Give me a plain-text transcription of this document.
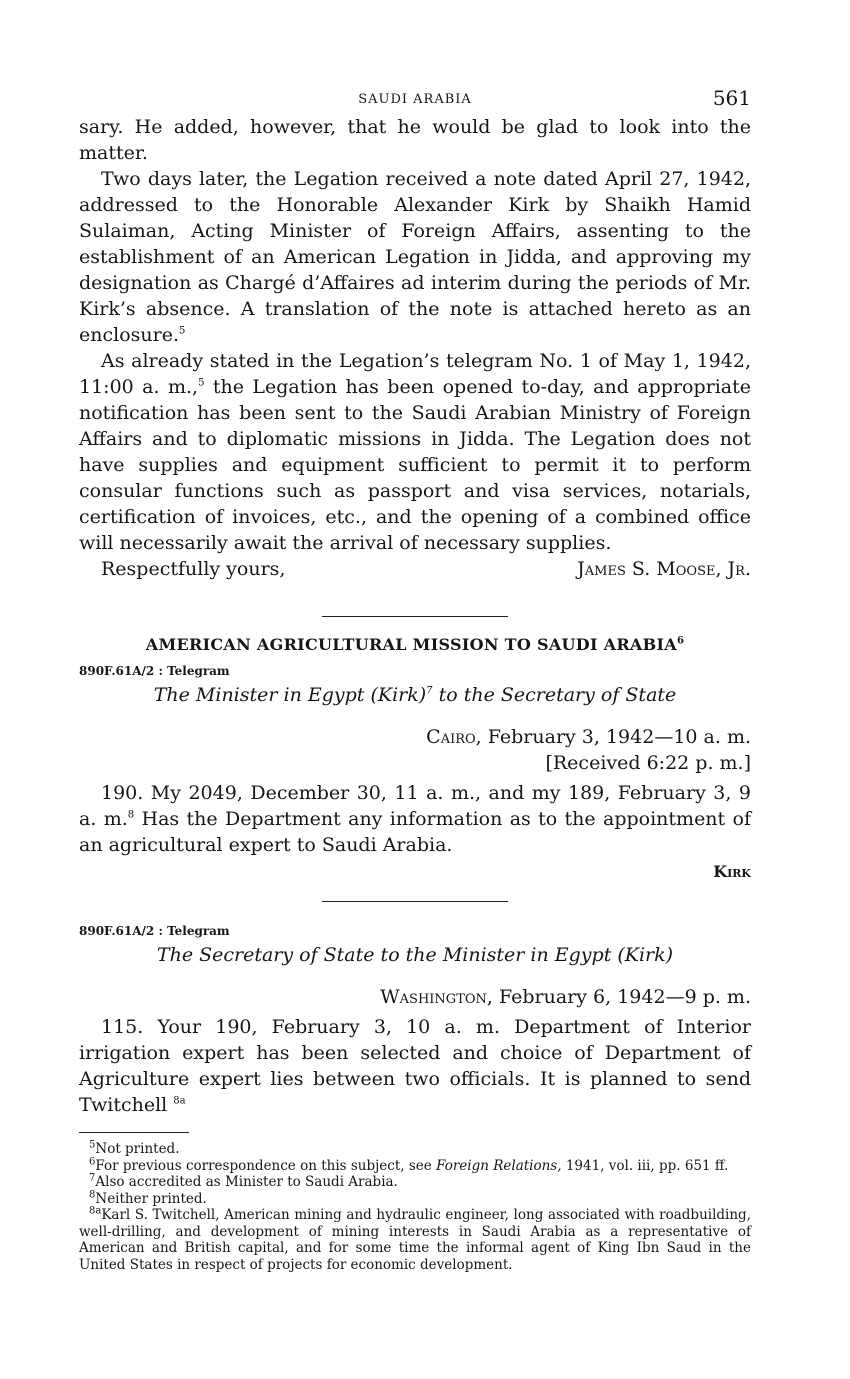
SAUDI ARABIA	561

sary. He added, however, that he would be glad to look into the matter.

Two days later, the Legation received a note dated April 27, 1942, addressed to the Honorable Alexander Kirk by Shaikh Hamid Sulaiman, Acting Minister of Foreign Affairs, assenting to the establishment of an American Legation in Jidda, and approving my designation as Chargé d’Affaires ad interim during the periods of Mr. Kirk’s absence. A translation of the note is attached hereto as an enclosure.$^5$

As already stated in the Legation’s telegram No. 1 of May 1, 1942, 11:00 a. m.,$^5$ the Legation has been opened to-day, and appropriate notification has been sent to the Saudi Arabian Ministry of Foreign Affairs and to diplomatic missions in Jidda. The Legation does not have supplies and equipment sufficient to permit it to perform consular functions such as passport and visa services, notarials, certification of invoices, etc., and the opening of a combined office will necessarily await the arrival of necessary supplies.

Respectfully yours,	James S. Moose, Jr.
AMERICAN AGRICULTURAL MISSION TO SAUDI ARABIA$^6$
890F.61A/2 : Telegram
The Minister in Egypt (Kirk)$^7$ to the Secretary of State
Cairo, February 3, 1942—10 a. m.
[Received 6:22 p. m.]

190. My 2049, December 30, 11 a. m., and my 189, February 3, 9 a. m.$^8$ Has the Department any information as to the appointment of an agricultural expert to Saudi Arabia.

Kirk
890F.61A/2 : Telegram
The Secretary of State to the Minister in Egypt (Kirk)
Washington, February 6, 1942—9 p. m.

115. Your 190, February 3, 10 a. m. Department of Interior irrigation expert has been selected and choice of Department of Agriculture expert lies between two officials. It is planned to send Twitchell $^{8a}$

$^5$Not printed.

$^6$For previous correspondence on this subject, see Foreign Relations, 1941, vol. iii, pp. 651 ff.

$^7$Also accredited as Minister to Saudi Arabia.

$^8$Neither printed.

$^{8a}$Karl S. Twitchell, American mining and hydraulic engineer, long associated with roadbuilding, well-drilling, and development of mining interests in Saudi Arabia as a representative of American and British capital, and for some time the informal agent of King Ibn Saud in the United States in respect of projects for economic development.
